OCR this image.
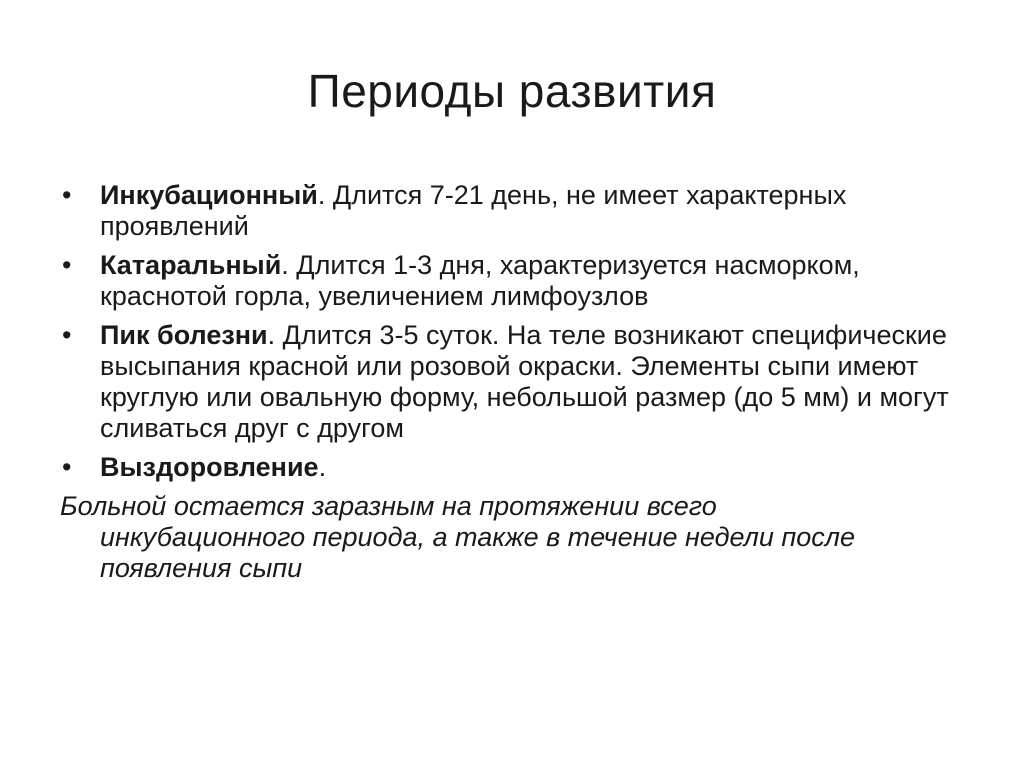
Периоды развития
• Инкубационный. Длится 7-21 день, не имеет характерных проявлений
• Катаральный. Длится 1-3 дня, характеризуется насморком, краснотой горла, увеличением лимфоузлов
• Пик болезни. Длится 3-5 суток. На теле возникают специфические высыпания красной или розовой окраски. Элементы сыпи имеют круглую или овальную форму, небольшой размер (до 5 мм) и могут сливаться друг с другом
• Выздоровление.
Больной остается заразным на протяжении всего
инкубационного периода, а также в течение недели после появления сыпи
